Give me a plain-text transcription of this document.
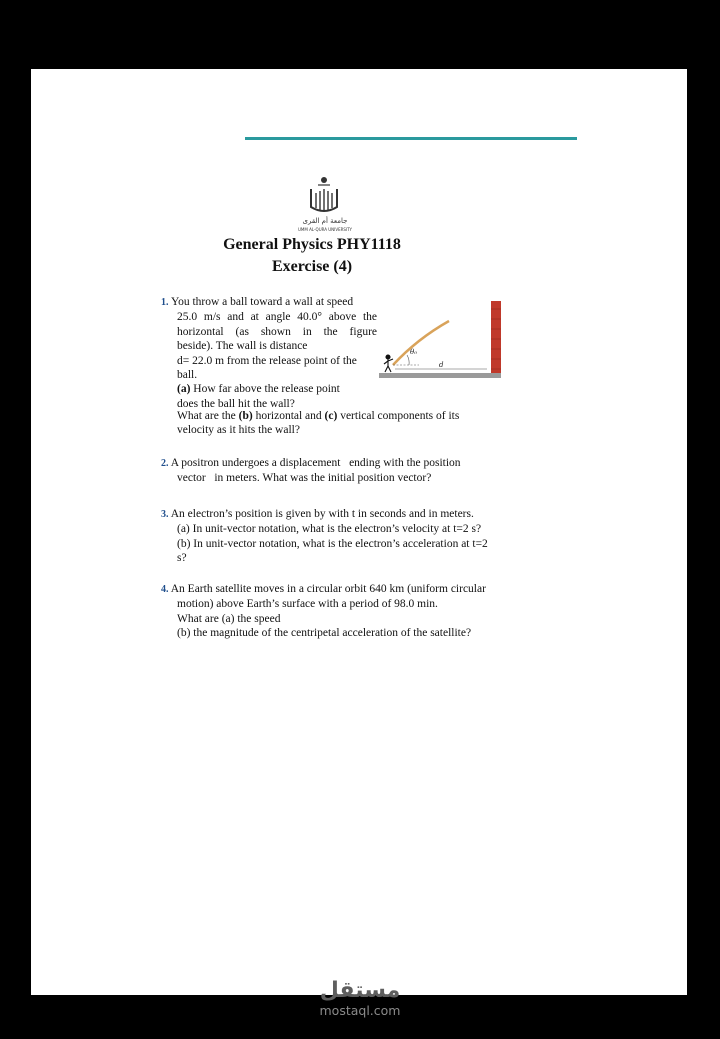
جامعة أم القرى
UMM AL-QURA UNIVERSITY
General Physics PHY1118
Exercise (4)
1. You throw a ball toward a wall at speed
25.0 m/s and at angle 40.0° above the
horizontal (as shown in the figure
beside). The wall is distance
d= 22.0 m from the release point of the
ball.
(a) How far above the release point
does the ball hit the wall?
What are the (b) horizontal and (c) vertical components of its
velocity as it hits the wall?
θ₀
d
2. A positron undergoes a displacement   ending with the position
vector   in meters. What was the initial position vector?
3. An electron’s position is given by with t in seconds and in meters.
(a) In unit-vector notation, what is the electron’s velocity at t=2 s?
(b) In unit-vector notation, what is the electron’s acceleration at t=2
s?
4. An Earth satellite moves in a circular orbit 640 km (uniform circular
motion) above Earth’s surface with a period of 98.0 min.
What are (a) the speed
(b) the magnitude of the centripetal acceleration of the satellite?
مستقل
mostaql.com
